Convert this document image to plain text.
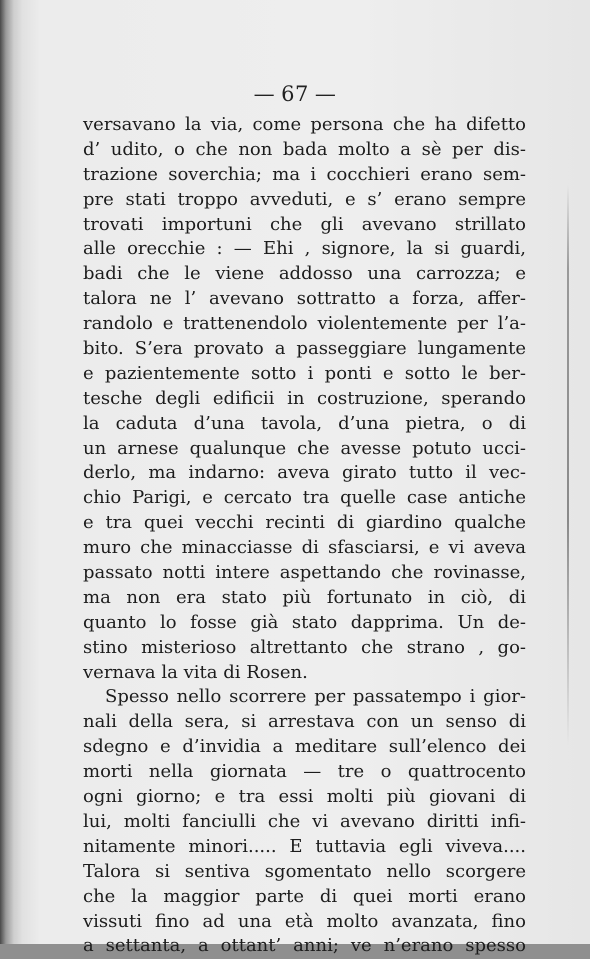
— 67 —
versavano la via, come persona che ha difetto
d’ udito, o che non bada molto a sè per dis-
trazione soverchia; ma i cocchieri erano sem-
pre stati troppo avveduti, e s’ erano sempre
trovati importuni che gli avevano strillato
alle orecchie : — Ehi , signore, la si guardi,
badi che le viene addosso una carrozza; e
talora ne l’ avevano sottratto a forza, affer-
randolo e trattenendolo violentemente per l’a-
bito. S’era provato a passeggiare lungamente
e pazientemente sotto i ponti e sotto le ber-
tesche degli edificii in costruzione, sperando
la caduta d’una tavola, d’una pietra, o di
un arnese qualunque che avesse potuto ucci-
derlo, ma indarno: aveva girato tutto il vec-
chio Parigi, e cercato tra quelle case antiche
e tra quei vecchi recinti di giardino qualche
muro che minacciasse di sfasciarsi, e vi aveva
passato notti intere aspettando che rovinasse,
ma non era stato più fortunato in ciò, di
quanto lo fosse già stato dapprima. Un de-
stino misterioso altrettanto che strano , go-
vernava la vita di Rosen.
Spesso nello scorrere per passatempo i gior-
nali della sera, si arrestava con un senso di
sdegno e d’invidia a meditare sull’elenco dei
morti nella giornata — tre o quattrocento
ogni giorno; e tra essi molti più giovani di
lui, molti fanciulli che vi avevano diritti infi-
nitamente minori..... E tuttavia egli viveva....
Talora si sentiva sgomentato nello scorgere
che la maggior parte di quei morti erano
vissuti fino ad una età molto avanzata, fino
a settanta, a ottant’ anni; ve n’erano spesso
